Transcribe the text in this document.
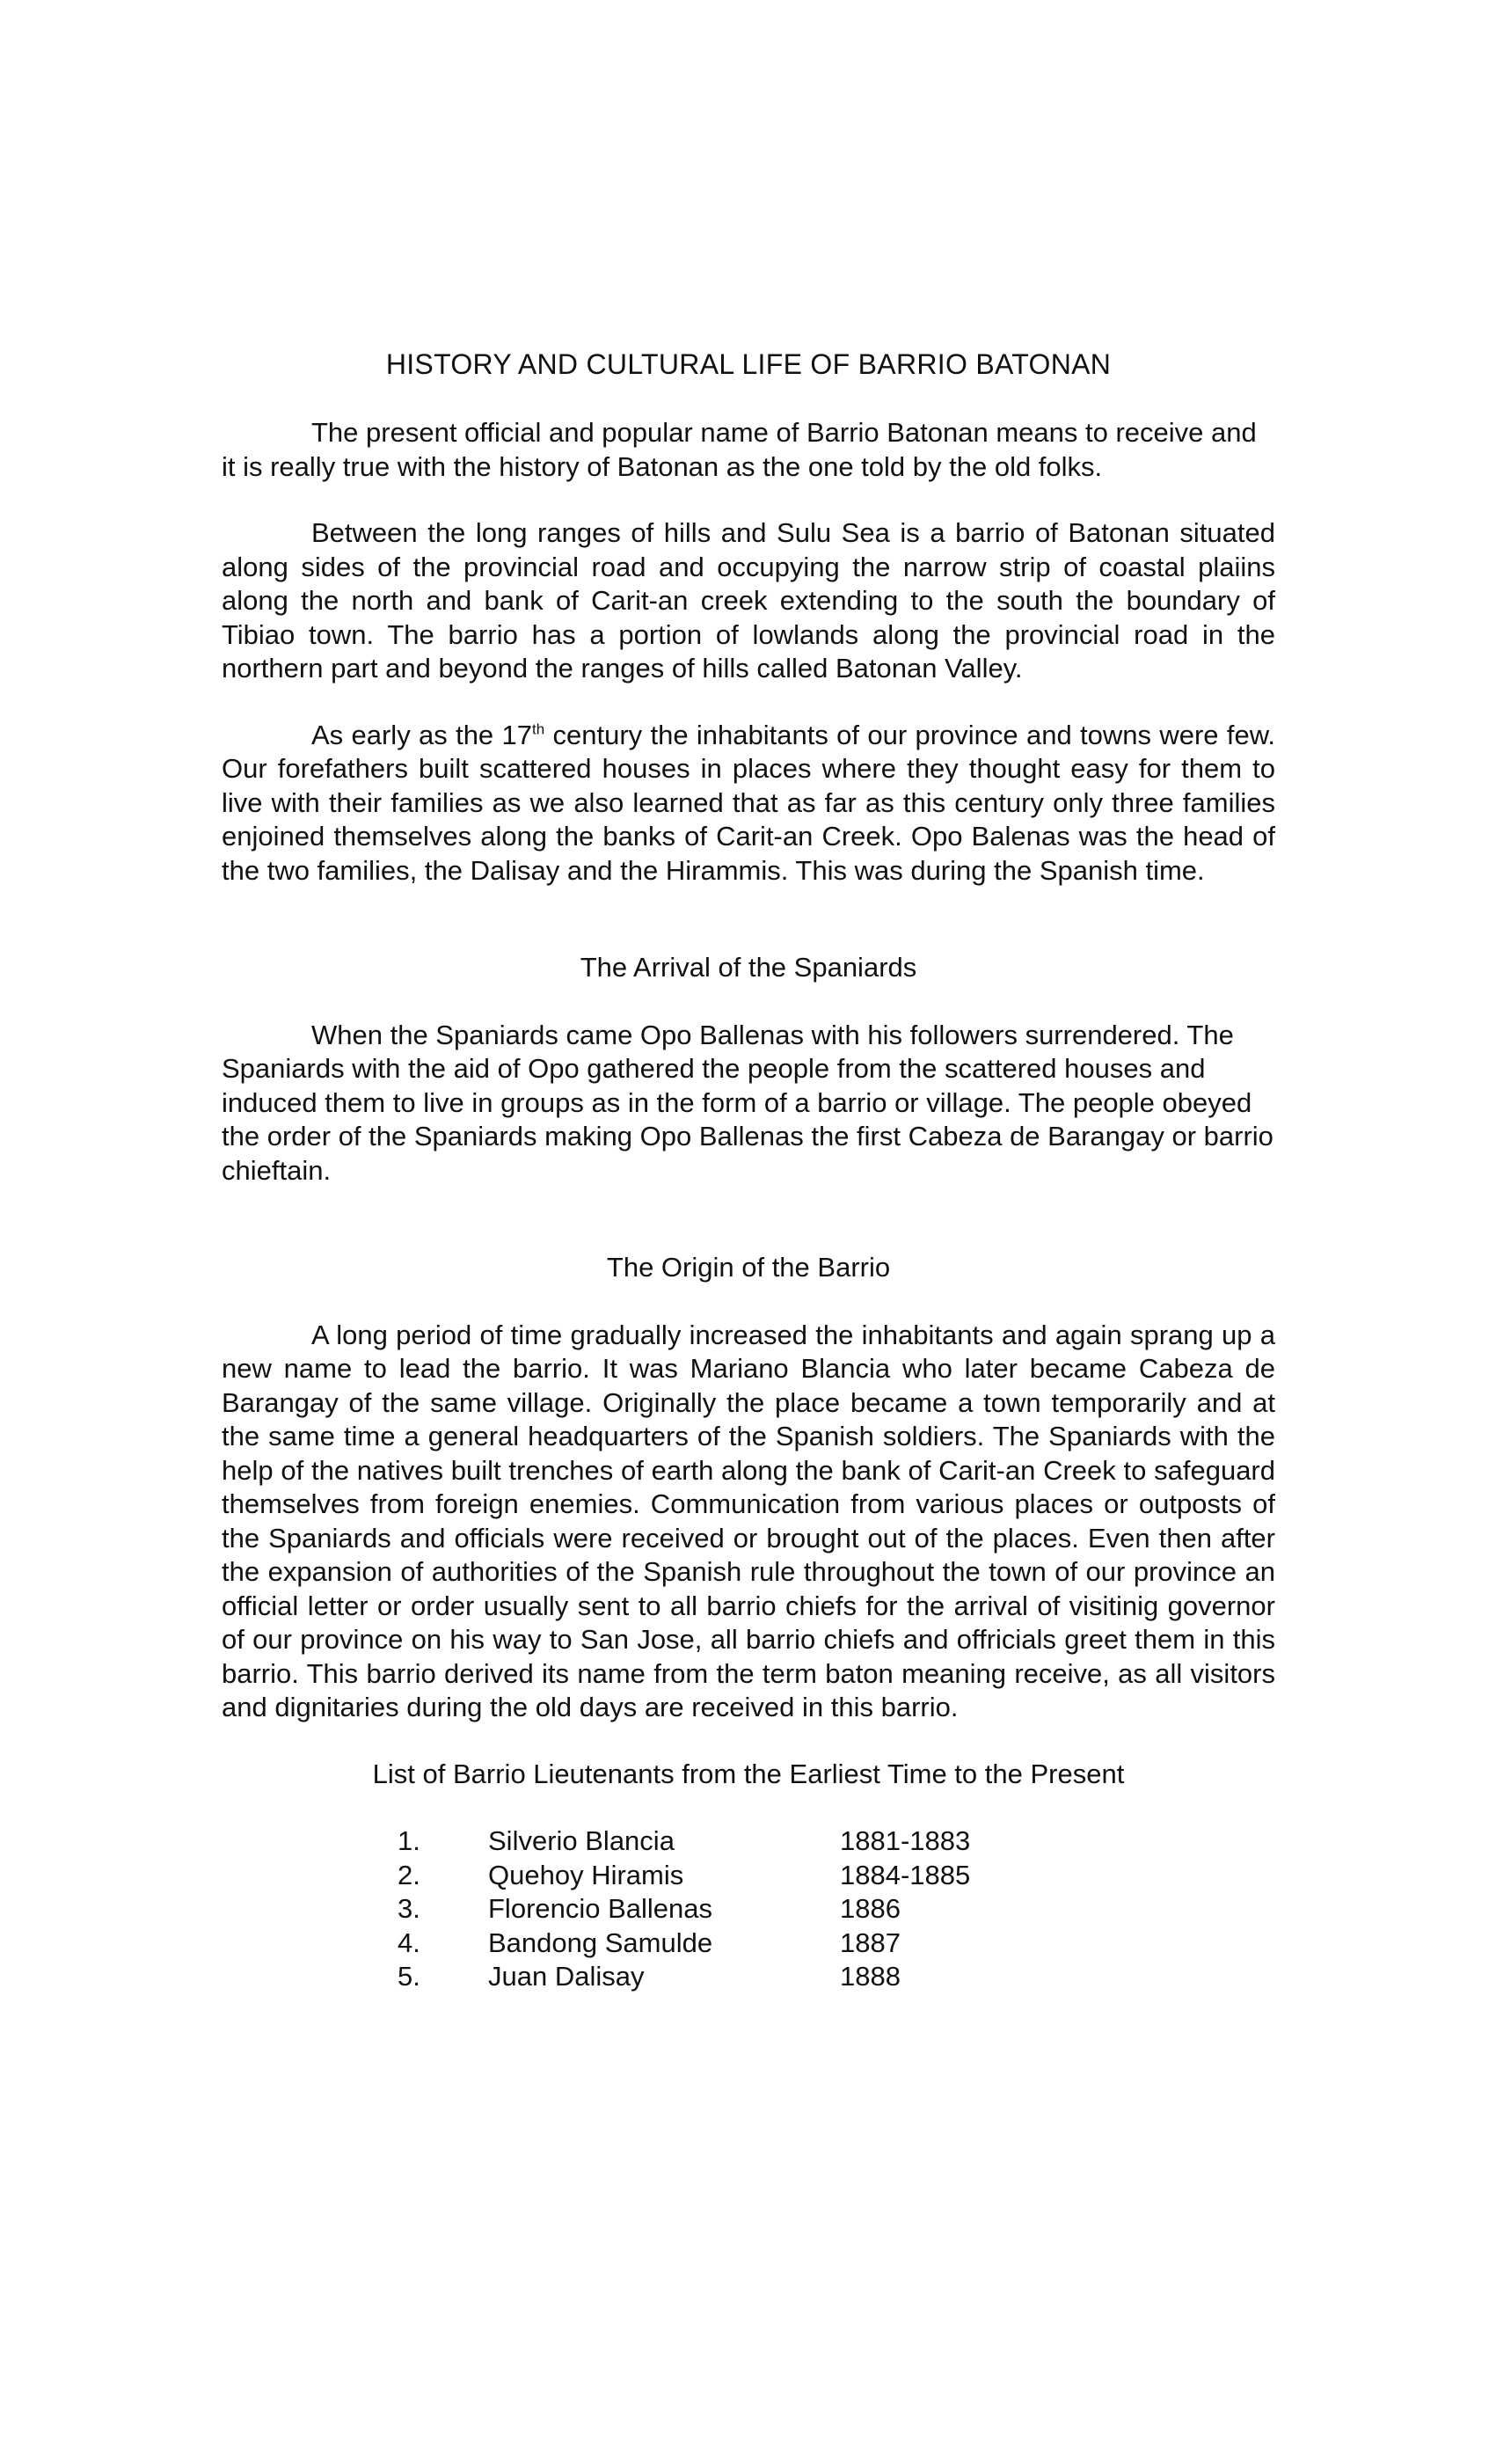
HISTORY AND CULTURAL LIFE OF BARRIO BATONAN

The present official and popular name of Barrio Batonan means to receive and it is really true with the history of Batonan as the one told by the old folks.

Between the long ranges of hills and Sulu Sea is a barrio of Batonan situated along sides of the provincial road and occupying the narrow strip of coastal plaiins along the north and bank of Carit-an creek extending to the south the boundary of Tibiao town. The barrio has a portion of lowlands along the provincial road in the northern part and beyond the ranges of hills called Batonan Valley.

As early as the 17th century the inhabitants of our province and towns were few. Our forefathers built scattered houses in places where they thought easy for them to live with their families as we also learned that as far as this century only three families enjoined themselves along the banks of Carit-an Creek. Opo Balenas was the head of the two families, the Dalisay and the Hirammis. This was during the Spanish time.

The Arrival of the Spaniards

When the Spaniards came Opo Ballenas with his followers surrendered. The Spaniards with the aid of Opo gathered the people from the scattered houses and induced them to live in groups as in the form of a barrio or village. The people obeyed the order of the Spaniards making Opo Ballenas the first Cabeza de Barangay or barrio chieftain.

The Origin of the Barrio

A long period of time gradually increased the inhabitants and again sprang up a new name to lead the barrio. It was Mariano Blancia who later became Cabeza de Barangay of the same village. Originally the place became a town temporarily and at the same time a general headquarters of the Spanish soldiers. The Spaniards with the help of the natives built trenches of earth along the bank of Carit-an Creek to safeguard themselves from foreign enemies. Communication from various places or outposts of the Spaniards and officials were received or brought out of the places. Even then after the expansion of authorities of the Spanish rule throughout the town of our province an official letter or order usually sent to all barrio chiefs for the arrival of visitinig governor of our province on his way to San Jose, all barrio chiefs and offricials greet them in this barrio. This barrio derived its name from the term baton meaning receive, as all visitors and dignitaries during the old days are received in this barrio.

List of Barrio Lieutenants from the Earliest Time to the Present
1.	Silverio Blancia	1881-1883
2.	Quehoy Hiramis	1884-1885
3.	Florencio Ballenas	1886
4.	Bandong Samulde	1887
5.	Juan Dalisay	1888
